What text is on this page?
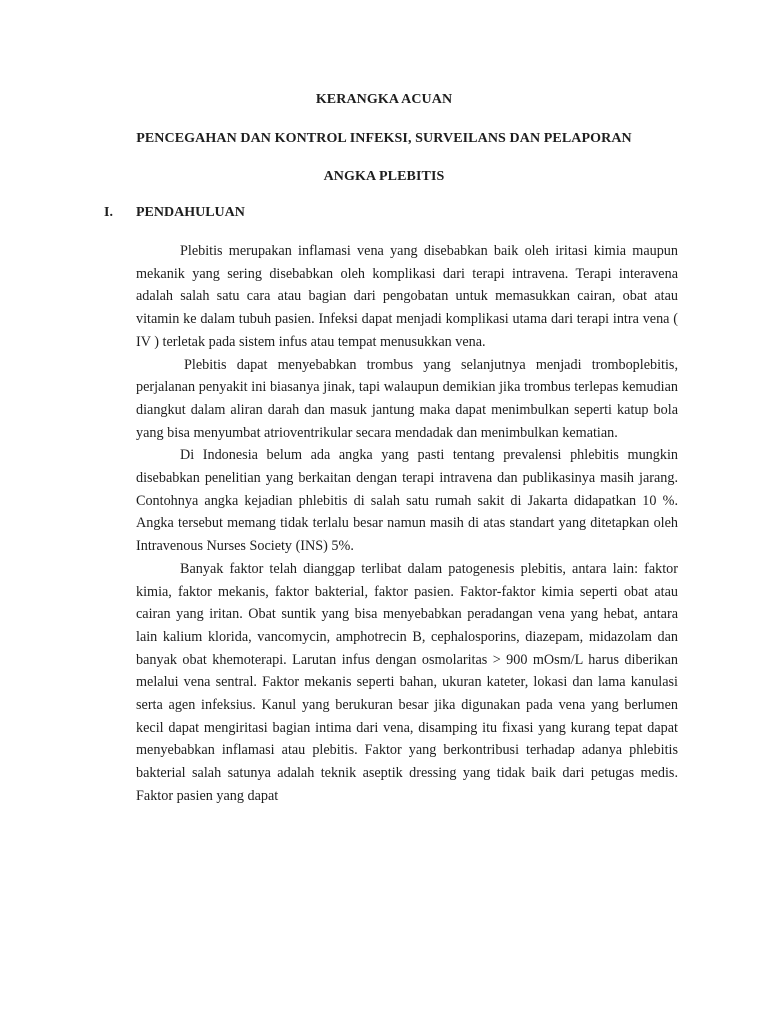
KERANGKA ACUAN
PENCEGAHAN DAN KONTROL INFEKSI, SURVEILANS DAN PELAPORAN
ANGKA PLEBITIS
I. PENDAHULUAN

Plebitis merupakan inflamasi vena yang disebabkan baik oleh iritasi kimia maupun mekanik yang sering disebabkan oleh komplikasi dari terapi intravena. Terapi interavena adalah salah satu cara atau bagian dari pengobatan untuk memasukkan cairan, obat atau vitamin ke dalam tubuh pasien. Infeksi dapat menjadi komplikasi utama dari terapi intra vena ( IV ) terletak pada sistem infus atau tempat menusukkan vena.

Plebitis dapat menyebabkan trombus yang selanjutnya menjadi tromboplebitis, perjalanan penyakit ini biasanya jinak, tapi walaupun demikian jika trombus terlepas kemudian diangkut dalam aliran darah dan masuk jantung maka dapat menimbulkan seperti katup bola yang bisa menyumbat atrioventrikular secara mendadak dan menimbulkan kematian.

Di Indonesia belum ada angka yang pasti tentang prevalensi phlebitis mungkin disebabkan penelitian yang berkaitan dengan terapi intravena dan publikasinya masih jarang. Contohnya angka kejadian phlebitis di salah satu rumah sakit di Jakarta didapatkan 10 %. Angka tersebut memang tidak terlalu besar namun masih di atas standart yang ditetapkan oleh Intravenous Nurses Society (INS) 5%.

Banyak faktor telah dianggap terlibat dalam patogenesis plebitis, antara lain: faktor kimia, faktor mekanis, faktor bakterial, faktor pasien. Faktor-faktor kimia seperti obat atau cairan yang iritan. Obat suntik yang bisa menyebabkan peradangan vena yang hebat, antara lain kalium klorida, vancomycin, amphotrecin B, cephalosporins, diazepam, midazolam dan banyak obat khemoterapi. Larutan infus dengan osmolaritas > 900 mOsm/L harus diberikan melalui vena sentral. Faktor mekanis seperti bahan, ukuran kateter, lokasi dan lama kanulasi serta agen infeksius. Kanul yang berukuran besar jika digunakan pada vena yang berlumen kecil dapat mengiritasi bagian intima dari vena, disamping itu fixasi yang kurang tepat dapat menyebabkan inflamasi atau plebitis. Faktor yang berkontribusi terhadap adanya phlebitis bakterial salah satunya adalah teknik aseptik dressing yang tidak baik dari petugas medis. Faktor pasien yang dapat
